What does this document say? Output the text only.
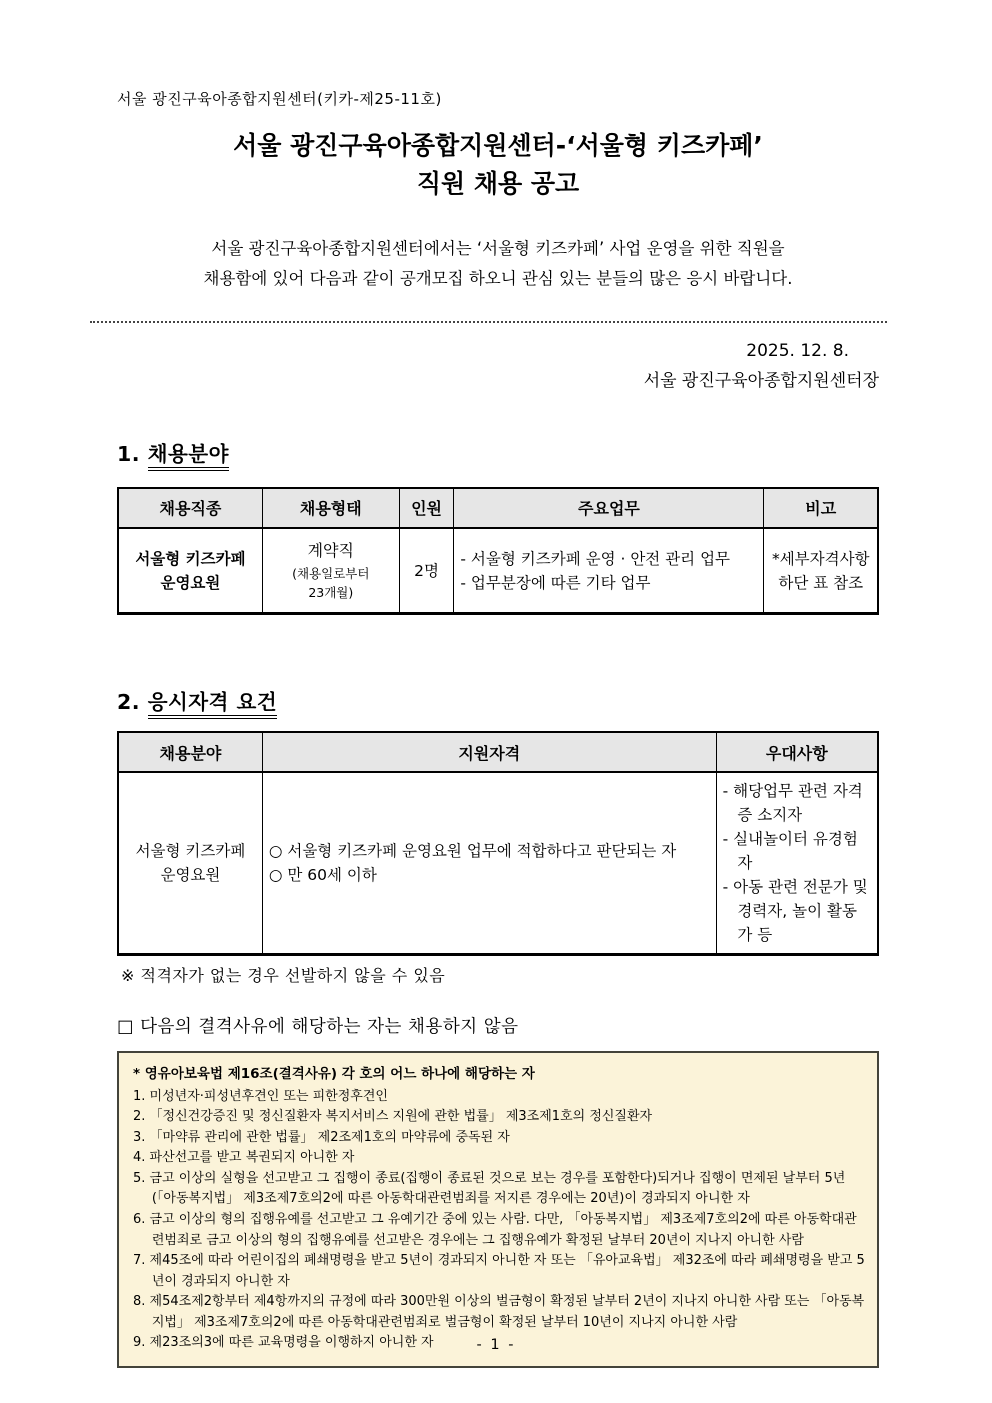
서울 광진구육아종합지원센터(키카-제25-11호)
서울 광진구육아종합지원센터-‘서울형 키즈카페’
직원 채용 공고

서울 광진구육아종합지원센터에서는 ‘서울형 키즈카페’ 사업 운영을 위한 직원을
채용함에 있어 다음과 같이 공개모집 하오니 관심 있는 분들의 많은 응시 바랍니다.

2025. 12. 8.
서울 광진구육아종합지원센터장
1. 채용분야
채용직종	채용형태	인원	주요업무	비고

서울형 키즈카페
운영요원	계약직
(채용일로부터
23개월)	2명	- 서울형 키즈카페 운영 · 안전 관리 업무
- 업무분장에 따른 기타 업무	*세부자격사항
하단 표 참조
2. 응시자격 요건
채용분야	지원자격	우대사항

서울형 키즈카페
운영요원	○ 서울형 키즈카페 운영요원 업무에 적합하다고 판단되는 자
○ 만 60세 이하	- 해당업무 관련 자격증 소지자
- 실내놀이터 유경험자
- 아동 관련 전문가 및 경력자, 놀이 활동가 등
※ 적격자가 없는 경우 선발하지 않을 수 있음
□ 다음의 결격사유에 해당하는 자는 채용하지 않음
* 영유아보육법 제16조(결격사유) 각 호의 어느 하나에 해당하는 자
1. 미성년자·피성년후견인 또는 피한정후견인
2. 「정신건강증진 및 정신질환자 복지서비스 지원에 관한 법률」 제3조제1호의 정신질환자
3. 「마약류 관리에 관한 법률」 제2조제1호의 마약류에 중독된 자
4. 파산선고를 받고 복권되지 아니한 자
5. 금고 이상의 실형을 선고받고 그 집행이 종료(집행이 종료된 것으로 보는 경우를 포함한다)되거나 집행이 면제된 날부터 5년(「아동복지법」 제3조제7호의2에 따른 아동학대관련범죄를 저지른 경우에는 20년)이 경과되지 아니한 자
6. 금고 이상의 형의 집행유예를 선고받고 그 유예기간 중에 있는 사람. 다만, 「아동복지법」 제3조제7호의2에 따른 아동학대관련범죄로 금고 이상의 형의 집행유예를 선고받은 경우에는 그 집행유예가 확정된 날부터 20년이 지나지 아니한 사람
7. 제45조에 따라 어린이집의 폐쇄명령을 받고 5년이 경과되지 아니한 자 또는 「유아교육법」 제32조에 따라 폐쇄명령을 받고 5년이 경과되지 아니한 자
8. 제54조제2항부터 제4항까지의 규정에 따라 300만원 이상의 벌금형이 확정된 날부터 2년이 지나지 아니한 사람 또는 「아동복지법」 제3조제7호의2에 따른 아동학대관련범죄로 벌금형이 확정된 날부터 10년이 지나지 아니한 사람
9. 제23조의3에 따른 교육명령을 이행하지 아니한 자	- 1 -
